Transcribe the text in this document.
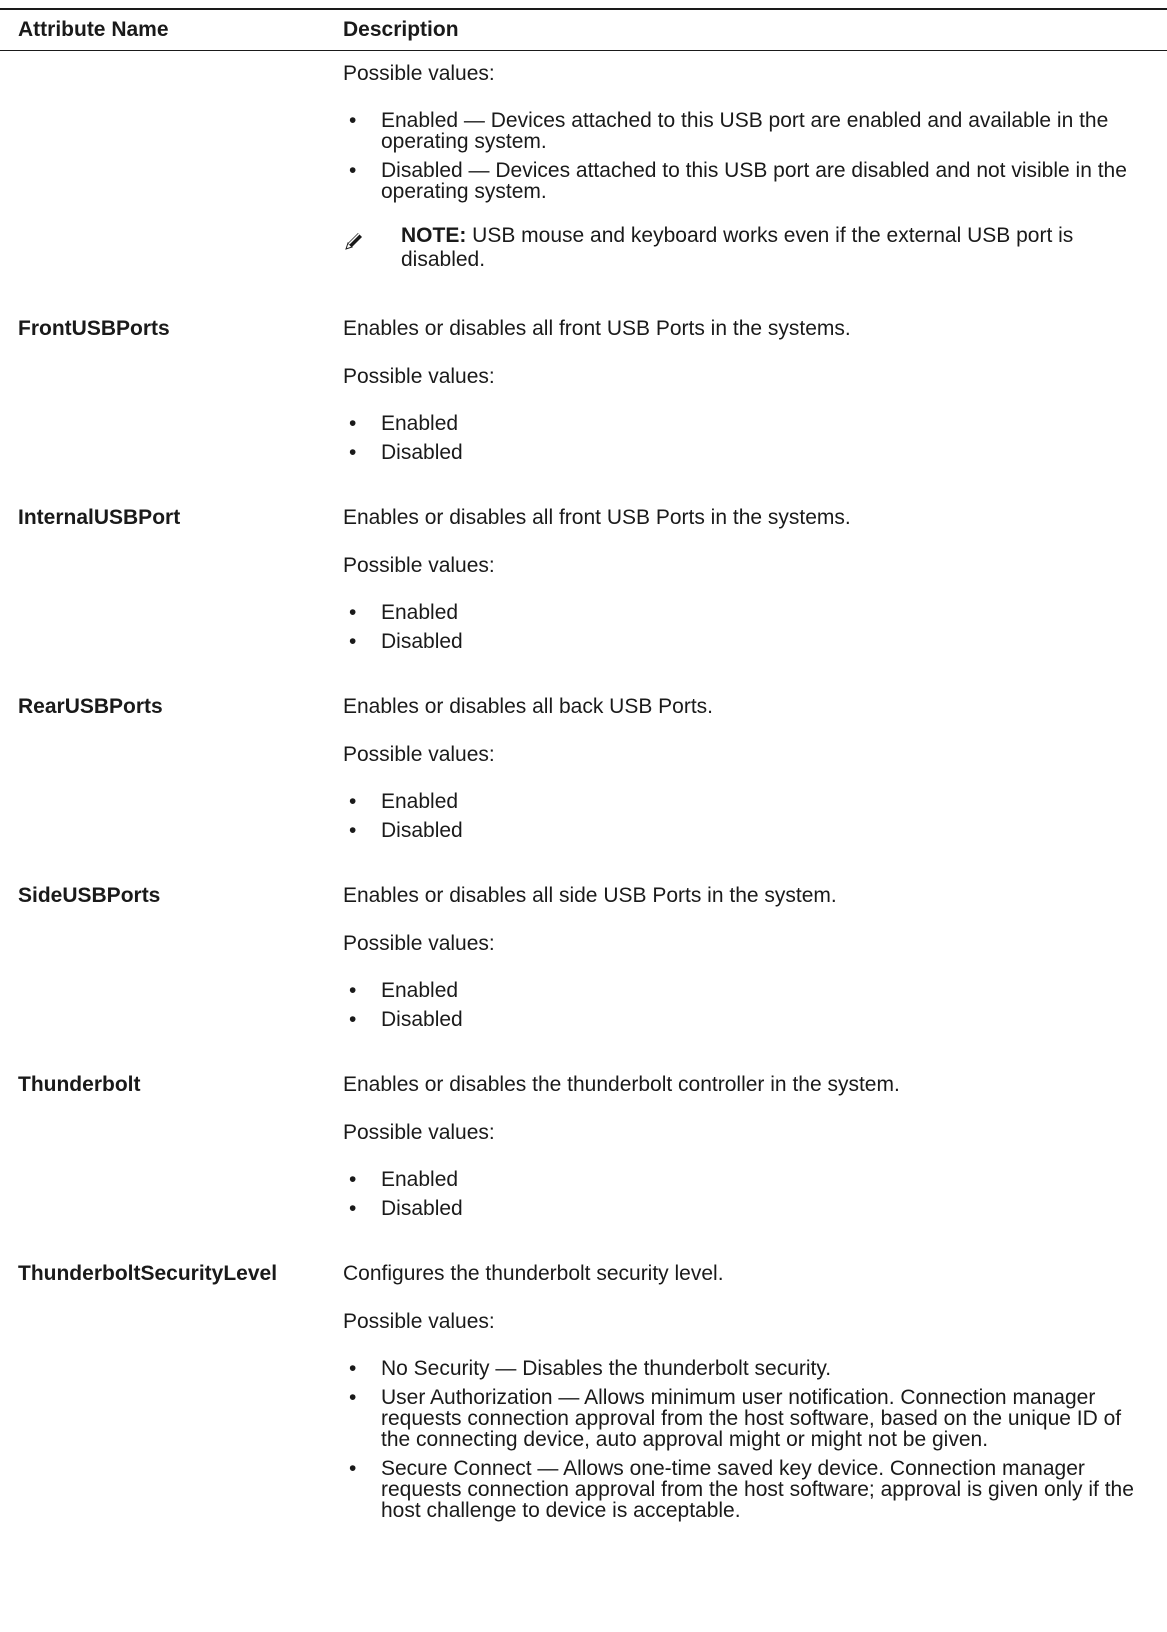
Attribute Name	Description

Possible values:

• Enabled — Devices attached to this USB port are enabled and available in the operating system.
• Disabled — Devices attached to this USB port are disabled and not visible in the operating system.
NOTE: USB mouse and keyboard works even if the external USB port is disabled.
FrontUSBPorts	Enables or disables all front USB Ports in the systems.

Possible values:

• Enabled
• Disabled
InternalUSBPort	Enables or disables all front USB Ports in the systems.

Possible values:

• Enabled
• Disabled
RearUSBPorts	Enables or disables all back USB Ports.

Possible values:

• Enabled
• Disabled
SideUSBPorts	Enables or disables all side USB Ports in the system.

Possible values:

• Enabled
• Disabled
Thunderbolt	Enables or disables the thunderbolt controller in the system.

Possible values:

• Enabled
• Disabled
ThunderboltSecurityLevel	Configures the thunderbolt security level.

Possible values:

• No Security — Disables the thunderbolt security.
• User Authorization — Allows minimum user notification. Connection manager requests connection approval from the host software, based on the unique ID of the connecting device, auto approval might or might not be given.
• Secure Connect — Allows one-time saved key device. Connection manager requests connection approval from the host software; approval is given only if the host challenge to device is acceptable.
